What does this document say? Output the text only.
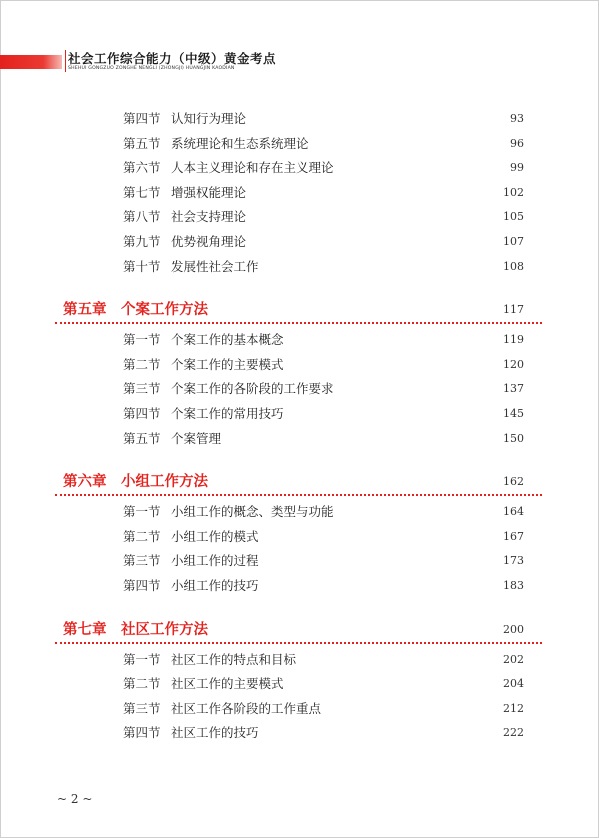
社会工作综合能力（中级）黄金考点
SHEHUI GONGZUO ZONGHE NENGLI (ZHONGJI) HUANGJIN KAODIAN
第四节 认知行为理论	93
第五节 系统理论和生态系统理论	96
第六节 人本主义理论和存在主义理论	99
第七节 增强权能理论	102
第八节 社会支持理论	105
第九节 优势视角理论	107
第十节 发展性社会工作	108
第五章　个案工作方法	117
第一节 个案工作的基本概念	119
第二节 个案工作的主要模式	120
第三节 个案工作的各阶段的工作要求	137
第四节 个案工作的常用技巧	145
第五节 个案管理	150
第六章　小组工作方法	162
第一节 小组工作的概念、类型与功能	164
第二节 小组工作的模式	167
第三节 小组工作的过程	173
第四节 小组工作的技巧	183
第七章　社区工作方法	200
第一节 社区工作的特点和目标	202
第二节 社区工作的主要模式	204
第三节 社区工作各阶段的工作重点	212
第四节 社区工作的技巧	222
~ 2 ~
